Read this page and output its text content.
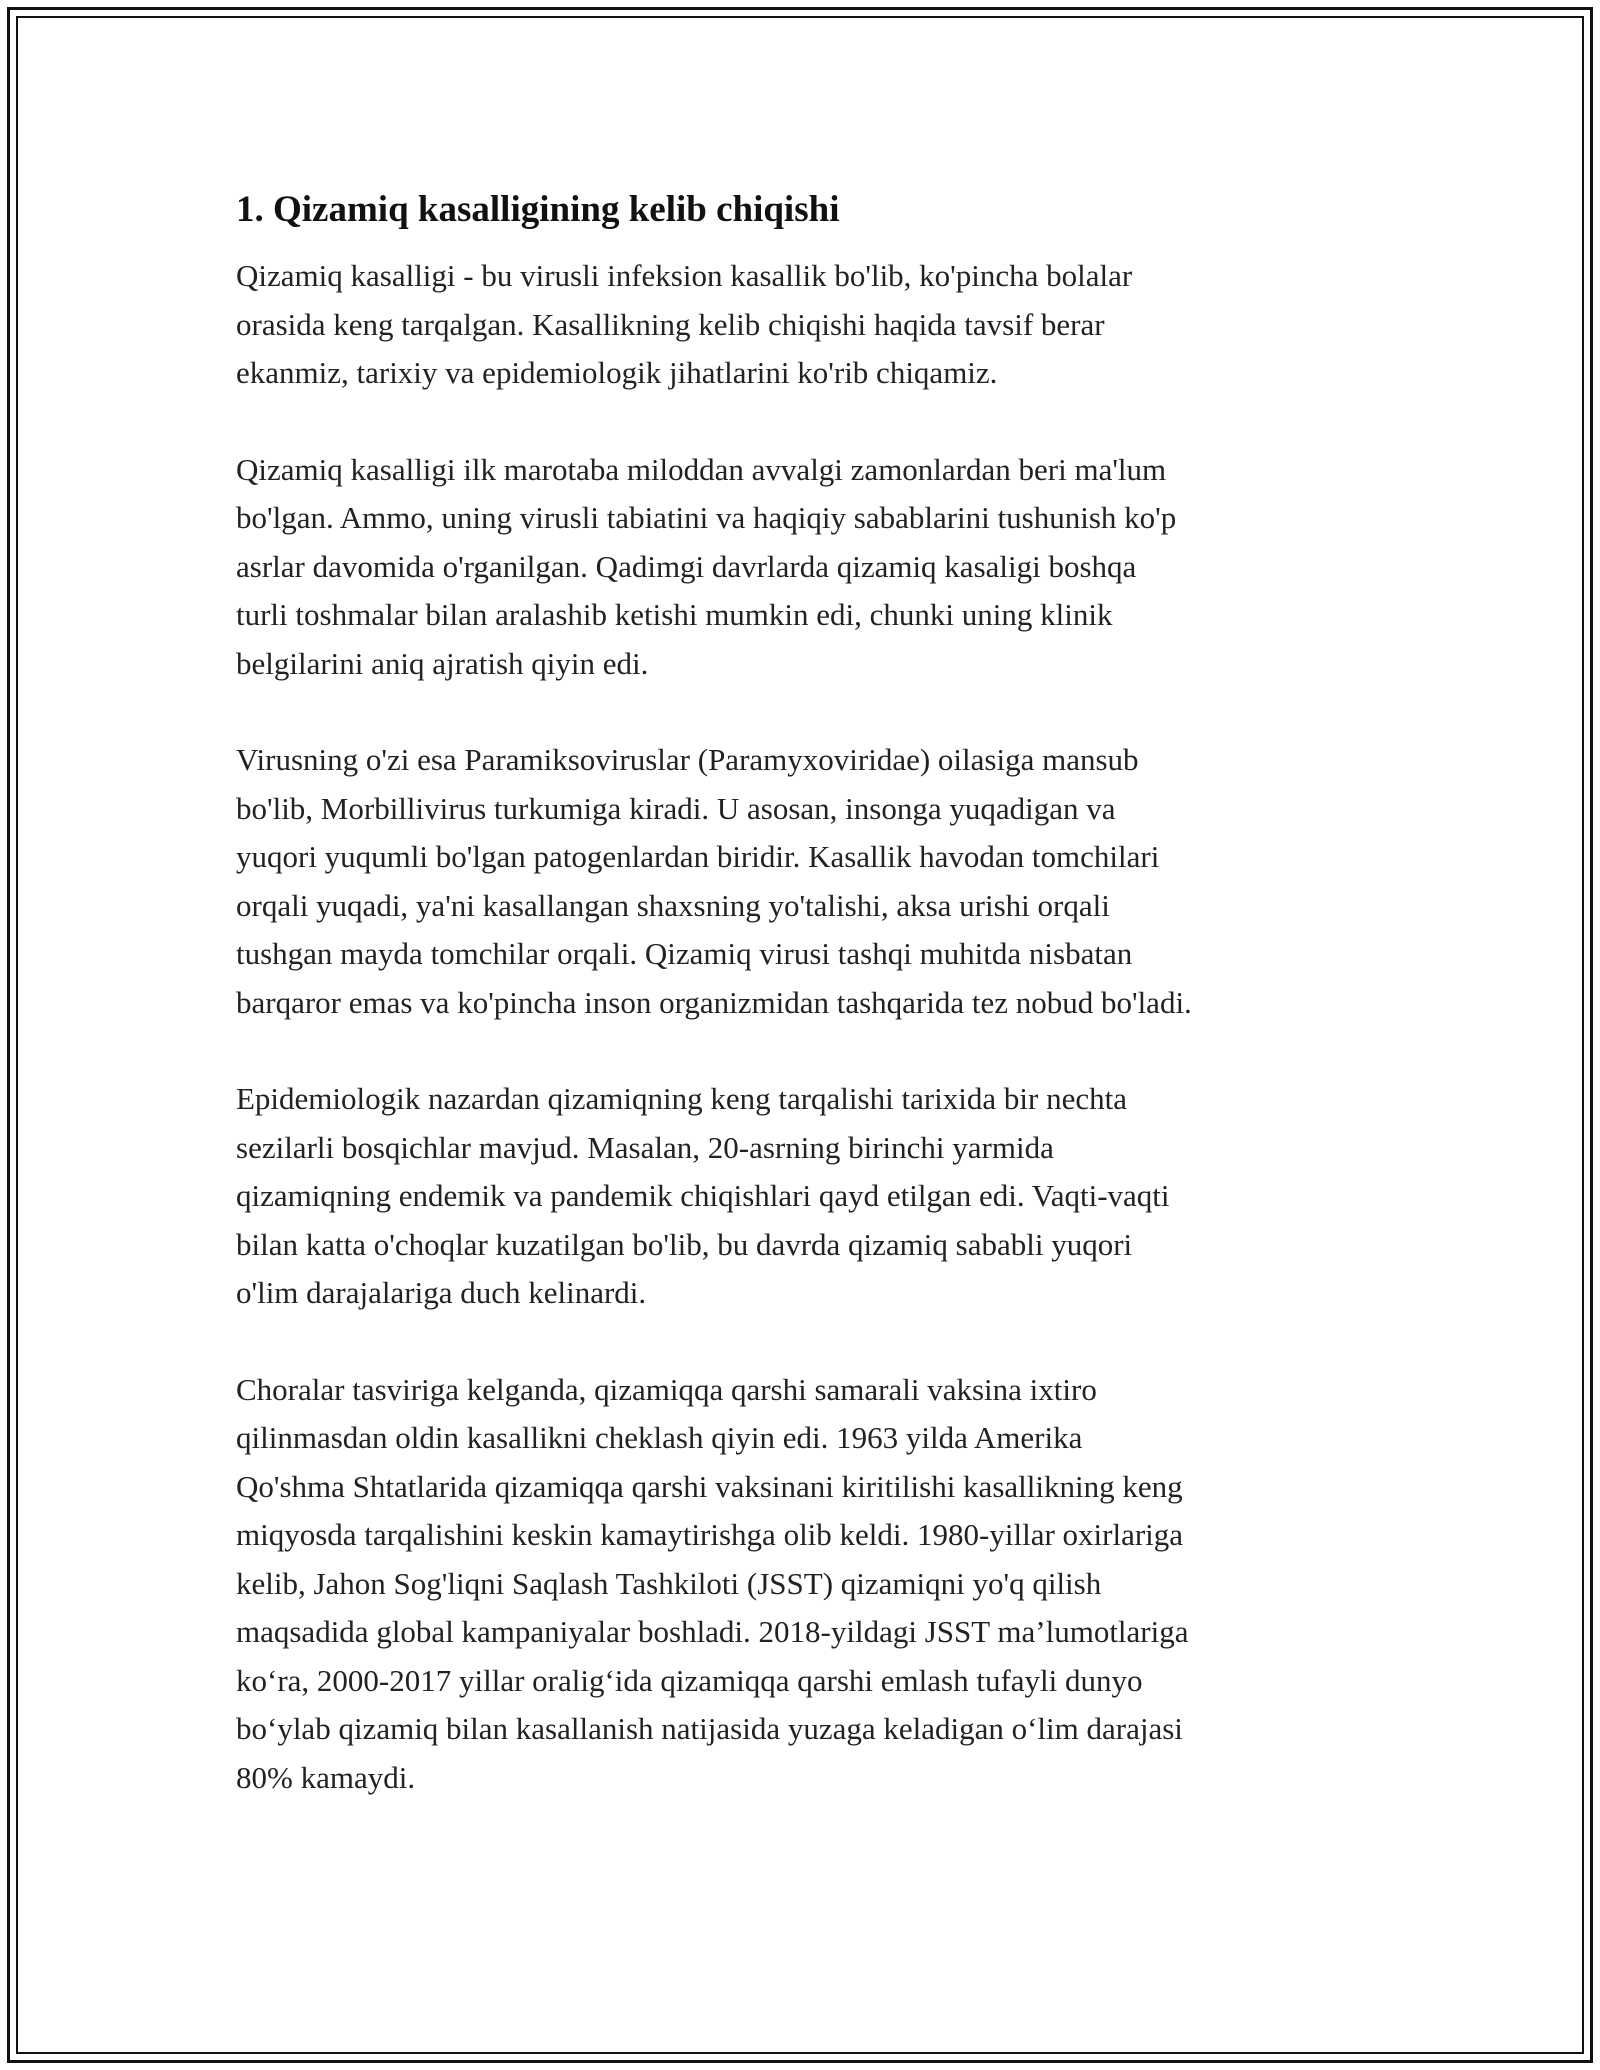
1. Qizamiq kasalligining kelib chiqishi

Qizamiq kasalligi - bu virusli infeksion kasallik bo'lib, ko'pincha bolalar
orasida keng tarqalgan. Kasallikning kelib chiqishi haqida tavsif berar
ekanmiz, tarixiy va epidemiologik jihatlarini ko'rib chiqamiz.

Qizamiq kasalligi ilk marotaba miloddan avvalgi zamonlardan beri ma'lum
bo'lgan. Ammo, uning virusli tabiatini va haqiqiy sabablarini tushunish ko'p
asrlar davomida o'rganilgan. Qadimgi davrlarda qizamiq kasaligi boshqa
turli toshmalar bilan aralashib ketishi mumkin edi, chunki uning klinik
belgilarini aniq ajratish qiyin edi.

Virusning o'zi esa Paramiksoviruslar (Paramyxoviridae) oilasiga mansub
bo'lib, Morbillivirus turkumiga kiradi. U asosan, insonga yuqadigan va
yuqori yuqumli bo'lgan patogenlardan biridir. Kasallik havodan tomchilari
orqali yuqadi, ya'ni kasallangan shaxsning yo'talishi, aksa urishi orqali
tushgan mayda tomchilar orqali. Qizamiq virusi tashqi muhitda nisbatan
barqaror emas va ko'pincha inson organizmidan tashqarida tez nobud bo'ladi.

Epidemiologik nazardan qizamiqning keng tarqalishi tarixida bir nechta
sezilarli bosqichlar mavjud. Masalan, 20-asrning birinchi yarmida
qizamiqning endemik va pandemik chiqishlari qayd etilgan edi. Vaqti-vaqti
bilan katta o'choqlar kuzatilgan bo'lib, bu davrda qizamiq sababli yuqori
o'lim darajalariga duch kelinardi.

Choralar tasviriga kelganda, qizamiqqa qarshi samarali vaksina ixtiro
qilinmasdan oldin kasallikni cheklash qiyin edi. 1963 yilda Amerika
Qo'shma Shtatlarida qizamiqqa qarshi vaksinani kiritilishi kasallikning keng
miqyosda tarqalishini keskin kamaytirishga olib keldi. 1980-yillar oxirlariga
kelib, Jahon Sog'liqni Saqlash Tashkiloti (JSST) qizamiqni yo'q qilish
maqsadida global kampaniyalar boshladi. 2018-yildagi JSST ma’lumotlariga
ko‘ra, 2000-2017 yillar oralig‘ida qizamiqqa qarshi emlash tufayli dunyo
bo‘ylab qizamiq bilan kasallanish natijasida yuzaga keladigan o‘lim darajasi
80% kamaydi.
